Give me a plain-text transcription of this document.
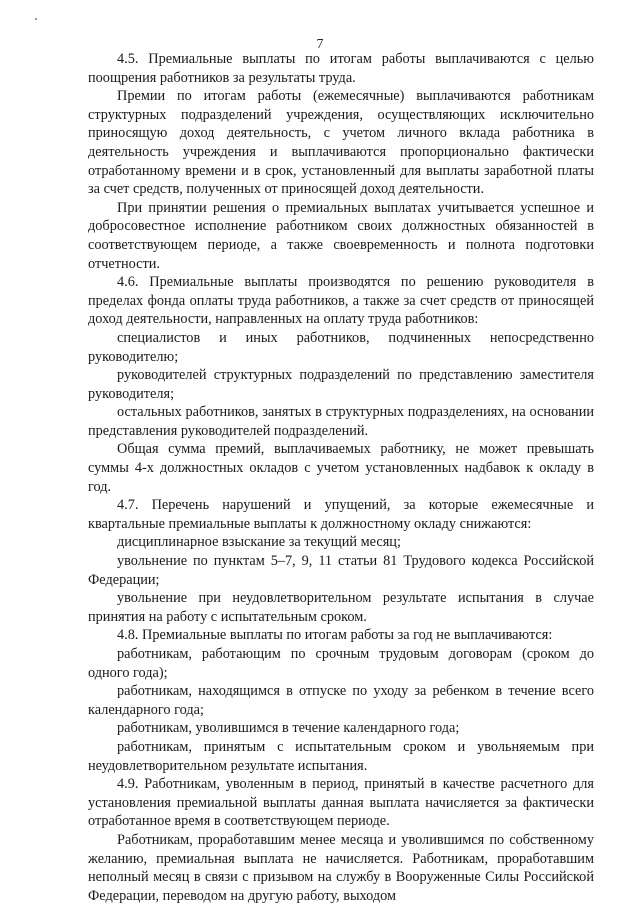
7

4.5. Премиальные выплаты по итогам работы выплачиваются с целью поощрения работников за результаты труда.

Премии по итогам работы (ежемесячные) выплачиваются работникам структурных подразделений учреждения, осуществляющих исключительно приносящую доход деятельность, с учетом личного вклада работника в деятельность учреждения и выплачиваются пропорционально фактически отработанному времени и в срок, установленный для выплаты заработной платы за счет средств, полученных от приносящей доход деятельности.

При принятии решения о премиальных выплатах учитывается успешное и добросовестное исполнение работником своих должностных обязанностей в соответствующем периоде, а также своевременность и полнота подготовки отчетности.

4.6. Премиальные выплаты производятся по решению руководителя в пределах фонда оплаты труда работников, а также за счет средств от приносящей доход деятельности, направленных на оплату труда работников:

специалистов и иных работников, подчиненных непосредственно руководителю;

руководителей структурных подразделений по представлению заместителя руководителя;

остальных работников, занятых в структурных подразделениях, на основании представления руководителей подразделений.

Общая сумма премий, выплачиваемых работнику, не может превышать суммы 4-х должностных окладов с учетом установленных надбавок к окладу в год.

4.7. Перечень нарушений и упущений, за которые ежемесячные и квартальные премиальные выплаты к должностному окладу снижаются:

дисциплинарное взыскание за текущий месяц;

увольнение по пунктам 5–7, 9, 11 статьи 81 Трудового кодекса Российской Федерации;

увольнение при неудовлетворительном результате испытания в случае принятия на работу с испытательным сроком.

4.8. Премиальные выплаты по итогам работы за год не выплачиваются:

работникам, работающим по срочным трудовым договорам (сроком до одного года);

работникам, находящимся в отпуске по уходу за ребенком в течение всего календарного года;

работникам, уволившимся в течение календарного года;

работникам, принятым с испытательным сроком и увольняемым при неудовлетворительном результате испытания.

4.9. Работникам, уволенным в период, принятый в качестве расчетного для установления премиальной выплаты данная выплата начисляется за фактически отработанное время в соответствующем периоде.

Работникам, проработавшим менее месяца и уволившимся по собственному желанию, премиальная выплата не начисляется. Работникам, проработавшим неполный месяц в связи с призывом на службу в Вооруженные Силы Российской Федерации, переводом на другую работу, выходом
